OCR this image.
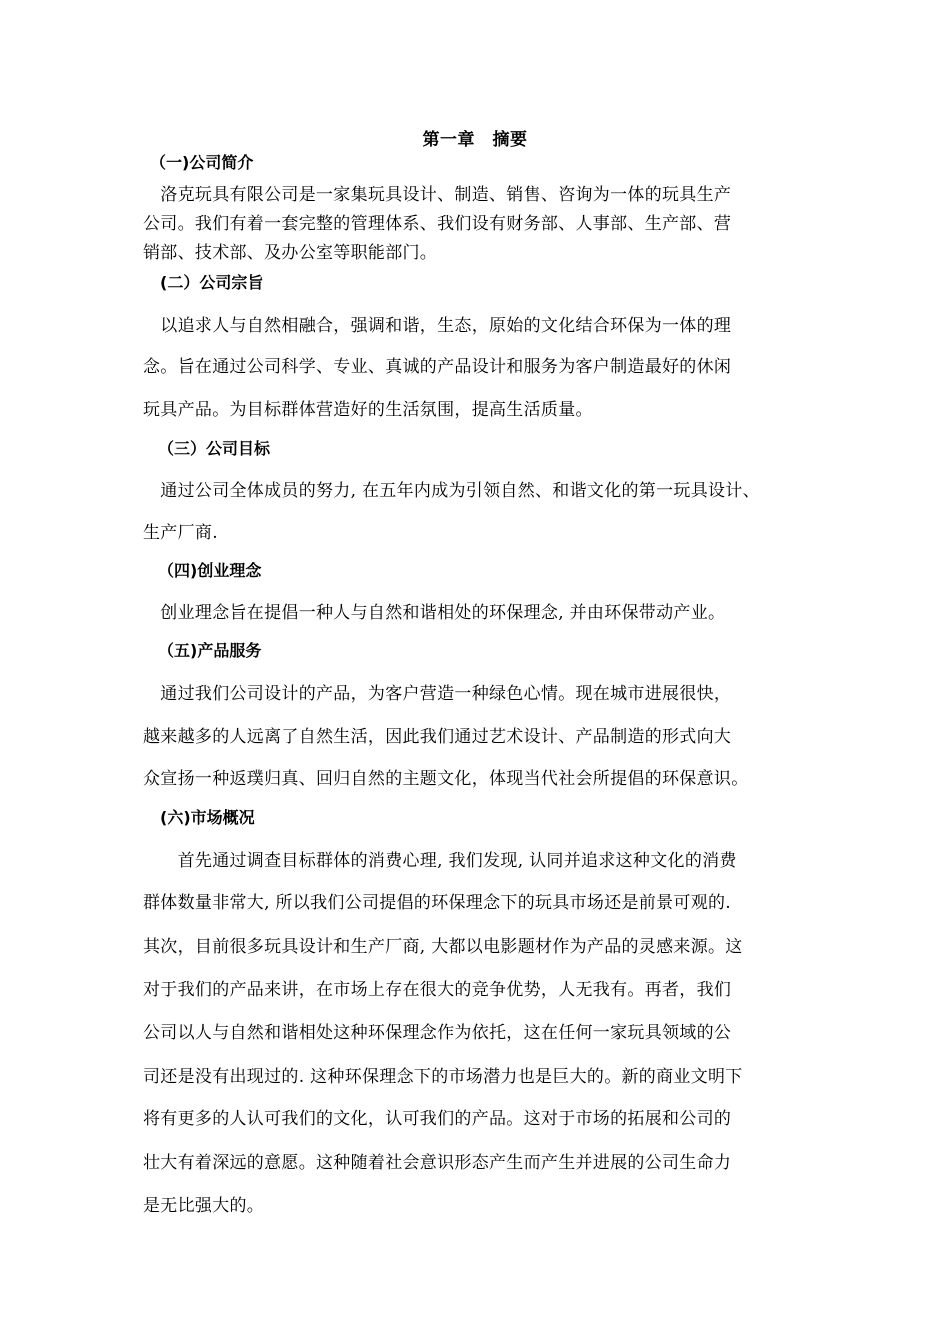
第一章　摘要
（一)公司简介
　洛克玩具有限公司是一家集玩具设计、制造、销售、咨询为一体的玩具生产
公司。我们有着一套完整的管理体系、我们设有财务部、人事部、生产部、营
销部、技术部、及办公室等职能部门。
(二）公司宗旨
　以追求人与自然相融合，强调和谐，生态，原始的文化结合环保为一体的理
念。旨在通过公司科学、专业、真诚的产品设计和服务为客户制造最好的休闲
玩具产品。为目标群体营造好的生活氛围，提高生活质量。
（三）公司目标
　通过公司全体成员的努力, 在五年内成为引领自然、和谐文化的第一玩具设计、
生产厂商.
（四)创业理念
　创业理念旨在提倡一种人与自然和谐相处的环保理念, 并由环保带动产业。
（五)产品服务
　通过我们公司设计的产品，为客户营造一种绿色心情。现在城市进展很快，
越来越多的人远离了自然生活，因此我们通过艺术设计、产品制造的形式向大
众宣扬一种返璞归真、回归自然的主题文化，体现当代社会所提倡的环保意识。
(六)市场概况
　　首先通过调查目标群体的消费心理, 我们发现, 认同并追求这种文化的消费
群体数量非常大, 所以我们公司提倡的环保理念下的玩具市场还是前景可观的.
其次，目前很多玩具设计和生产厂商, 大都以电影题材作为产品的灵感来源。这
对于我们的产品来讲，在市场上存在很大的竞争优势，人无我有。再者，我们
公司以人与自然和谐相处这种环保理念作为依托，这在任何一家玩具领域的公
司还是没有出现过的. 这种环保理念下的市场潜力也是巨大的。新的商业文明下
将有更多的人认可我们的文化，认可我们的产品。这对于市场的拓展和公司的
壮大有着深远的意愿。这种随着社会意识形态产生而产生并进展的公司生命力
是无比强大的。
